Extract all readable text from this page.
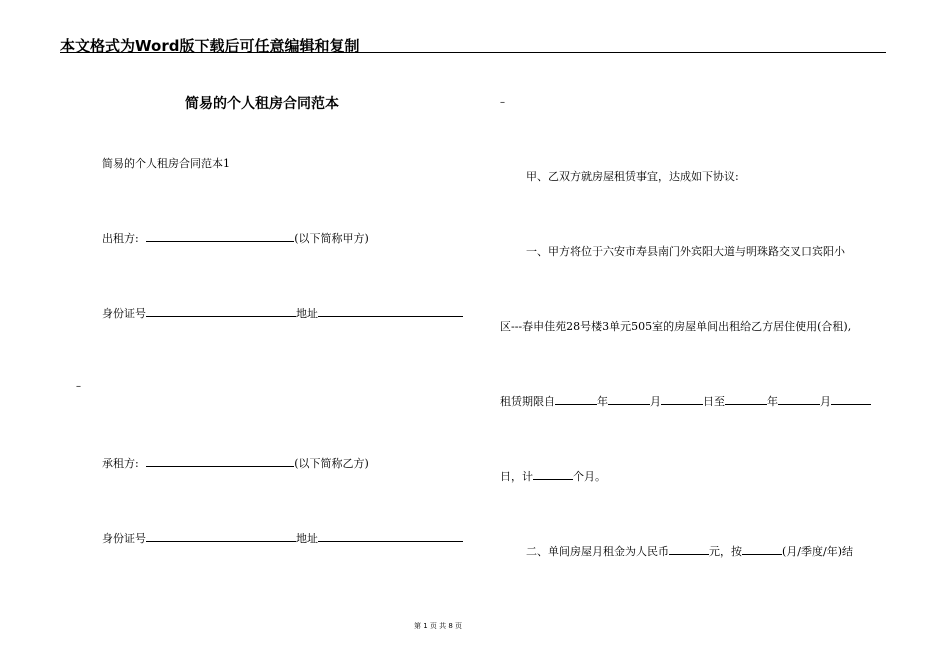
本文格式为Word版下载后可任意编辑和复制
简易的个人租房合同范本
简易的个人租房合同范本1
出租方:	(以下简称甲方)
身份证号	地址
–
承租方:	(以下简称乙方)
身份证号	地址
–
甲、乙双方就房屋租赁事宜，达成如下协议:
一、甲方将位于六安市寿县南门外宾阳大道与明珠路交叉口宾阳小
区---春申佳苑28号楼3单元505室的房屋单间出租给乙方居住使用(合租),
租赁期限自	年	月	日至	年	月
日，计	个月。
二、单间房屋月租金为人民币	元，按	(月/季度/年)结
第 1 页 共 8 页
